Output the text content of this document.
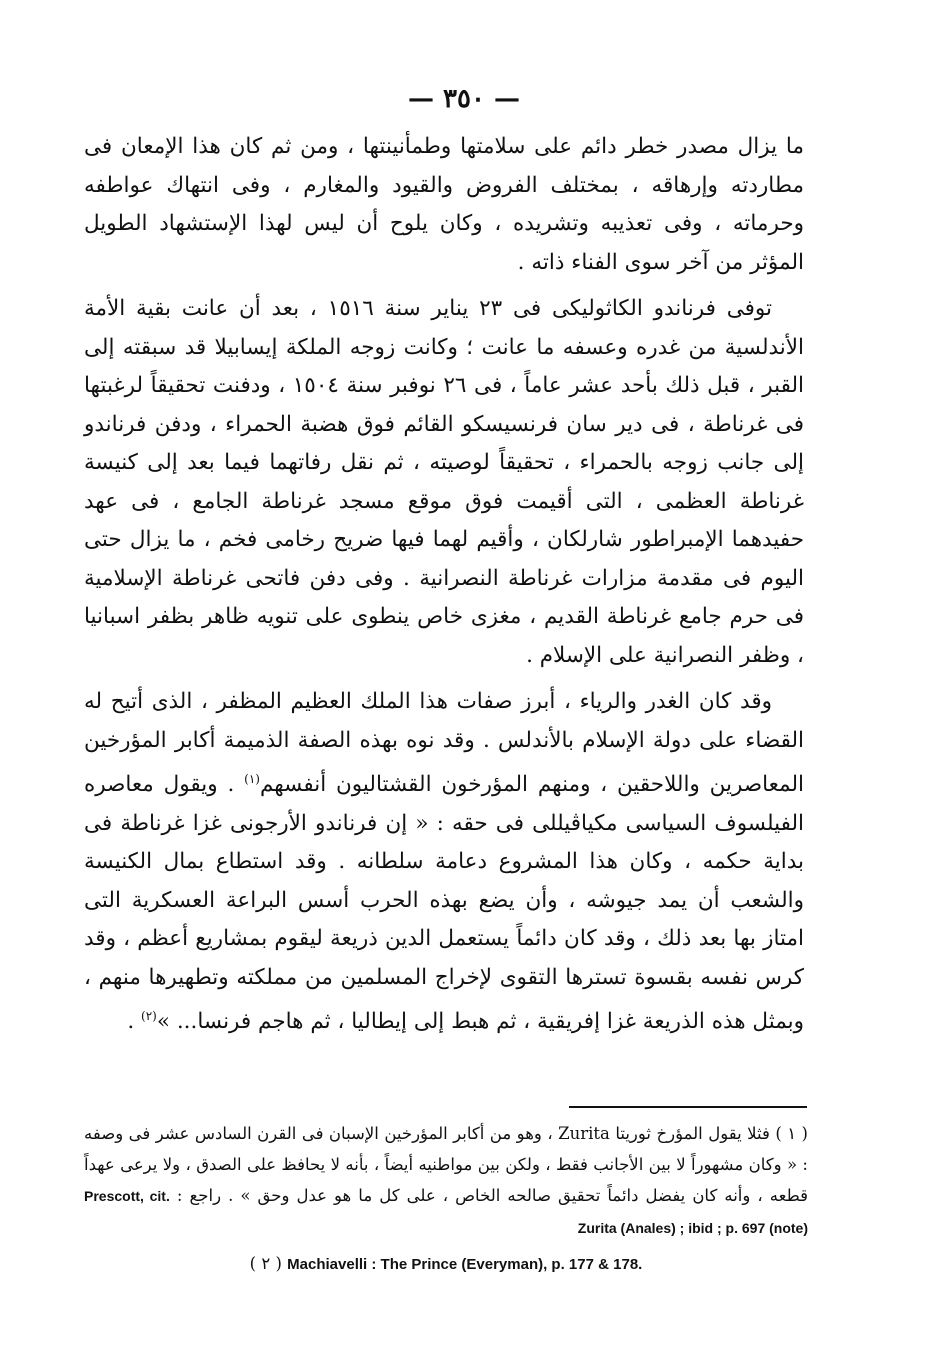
— ٣٥٠ —

ما يزال مصدر خطر دائم على سلامتها وطمأنينتها ، ومن ثم كان هذا الإمعان فى مطاردته وإرهاقه ، بمختلف الفروض والقيود والمغارم ، وفى انتهاك عواطفه وحرماته ، وفى تعذيبه وتشريده ، وكان يلوح أن ليس لهذا الإستشهاد الطويل المؤثر من آخر سوى الفناء ذاته .

توفى فرناندو الكاثوليكى فى ٢٣ يناير سنة ١٥١٦ ، بعد أن عانت بقية الأمة الأندلسية من غدره وعسفه ما عانت ؛ وكانت زوجه الملكة إيسابيلا قد سبقته إلى القبر ، قبل ذلك بأحد عشر عاماً ، فى ٢٦ نوفبر سنة ١٥٠٤ ، ودفنت تحقيقاً لرغبتها فى غرناطة ، فى دير سان فرنسيسكو القائم فوق هضبة الحمراء ، ودفن فرناندو إلى جانب زوجه بالحمراء ، تحقيقاً لوصيته ، ثم نقل رفاتهما فيما بعد إلى كنيسة غرناطة العظمى ، التى أقيمت فوق موقع مسجد غرناطة الجامع ، فى عهد حفيدهما الإمبراطور شارلكان ، وأقيم لهما فيها ضريح رخامى فخم ، ما يزال حتى اليوم فى مقدمة مزارات غرناطة النصرانية . وفى دفن فاتحى غرناطة الإسلامية فى حرم جامع غرناطة القديم ، مغزى خاص ينطوى على تنويه ظاهر بظفر اسبانيا ، وظفر النصرانية على الإسلام .

وقد كان الغدر والرياء ، أبرز صفات هذا الملك العظيم المظفر ، الذى أتيح له القضاء على دولة الإسلام بالأندلس . وقد نوه بهذه الصفة الذميمة أكابر المؤرخين المعاصرين واللاحقين ، ومنهم المؤرخون القشتاليون أنفسهم$^{(١)}$ . ويقول معاصره الفيلسوف السياسى مكياڤيللى فى حقه : « إن فرناندو الأرجونى غزا غرناطة فى بداية حكمه ، وكان هذا المشروع دعامة سلطانه . وقد استطاع بمال الكنيسة والشعب أن يمد جيوشه ، وأن يضع بهذه الحرب أسس البراعة العسكرية التى امتاز بها بعد ذلك ، وقد كان دائماً يستعمل الدين ذريعة ليقوم بمشاريع أعظم ، وقد كرس نفسه بقسوة تسترها التقوى لإخراج المسلمين من مملكته وتطهيرها منهم ، وبمثل هذه الذريعة غزا إفريقية ، ثم هبط إلى إيطاليا ، ثم هاجم فرنسا... »$^{(٢)}$ .

( ١ ) فثلا يقول المؤرخ ثوريتا Zurita ، وهو من أكابر المؤرخين الإسبان فى القرن السادس عشر فى وصفه : « وكان مشهوراً لا بين الأجانب فقط ، ولكن بين مواطنيه أيضاً ، بأنه لا يحافظ على الصدق ، ولا يرعى عهداً قطعه ، وأنه كان يفضل دائماً تحقيق صالحه الخاص ، على كل ما هو عدل وحق » . راجع : Prescott, cit. Zurita (Anales) ; ibid ; p. 697 (note)

Machiavelli : The Prince (Everyman), p. 177 & 178. ( ٢ )
